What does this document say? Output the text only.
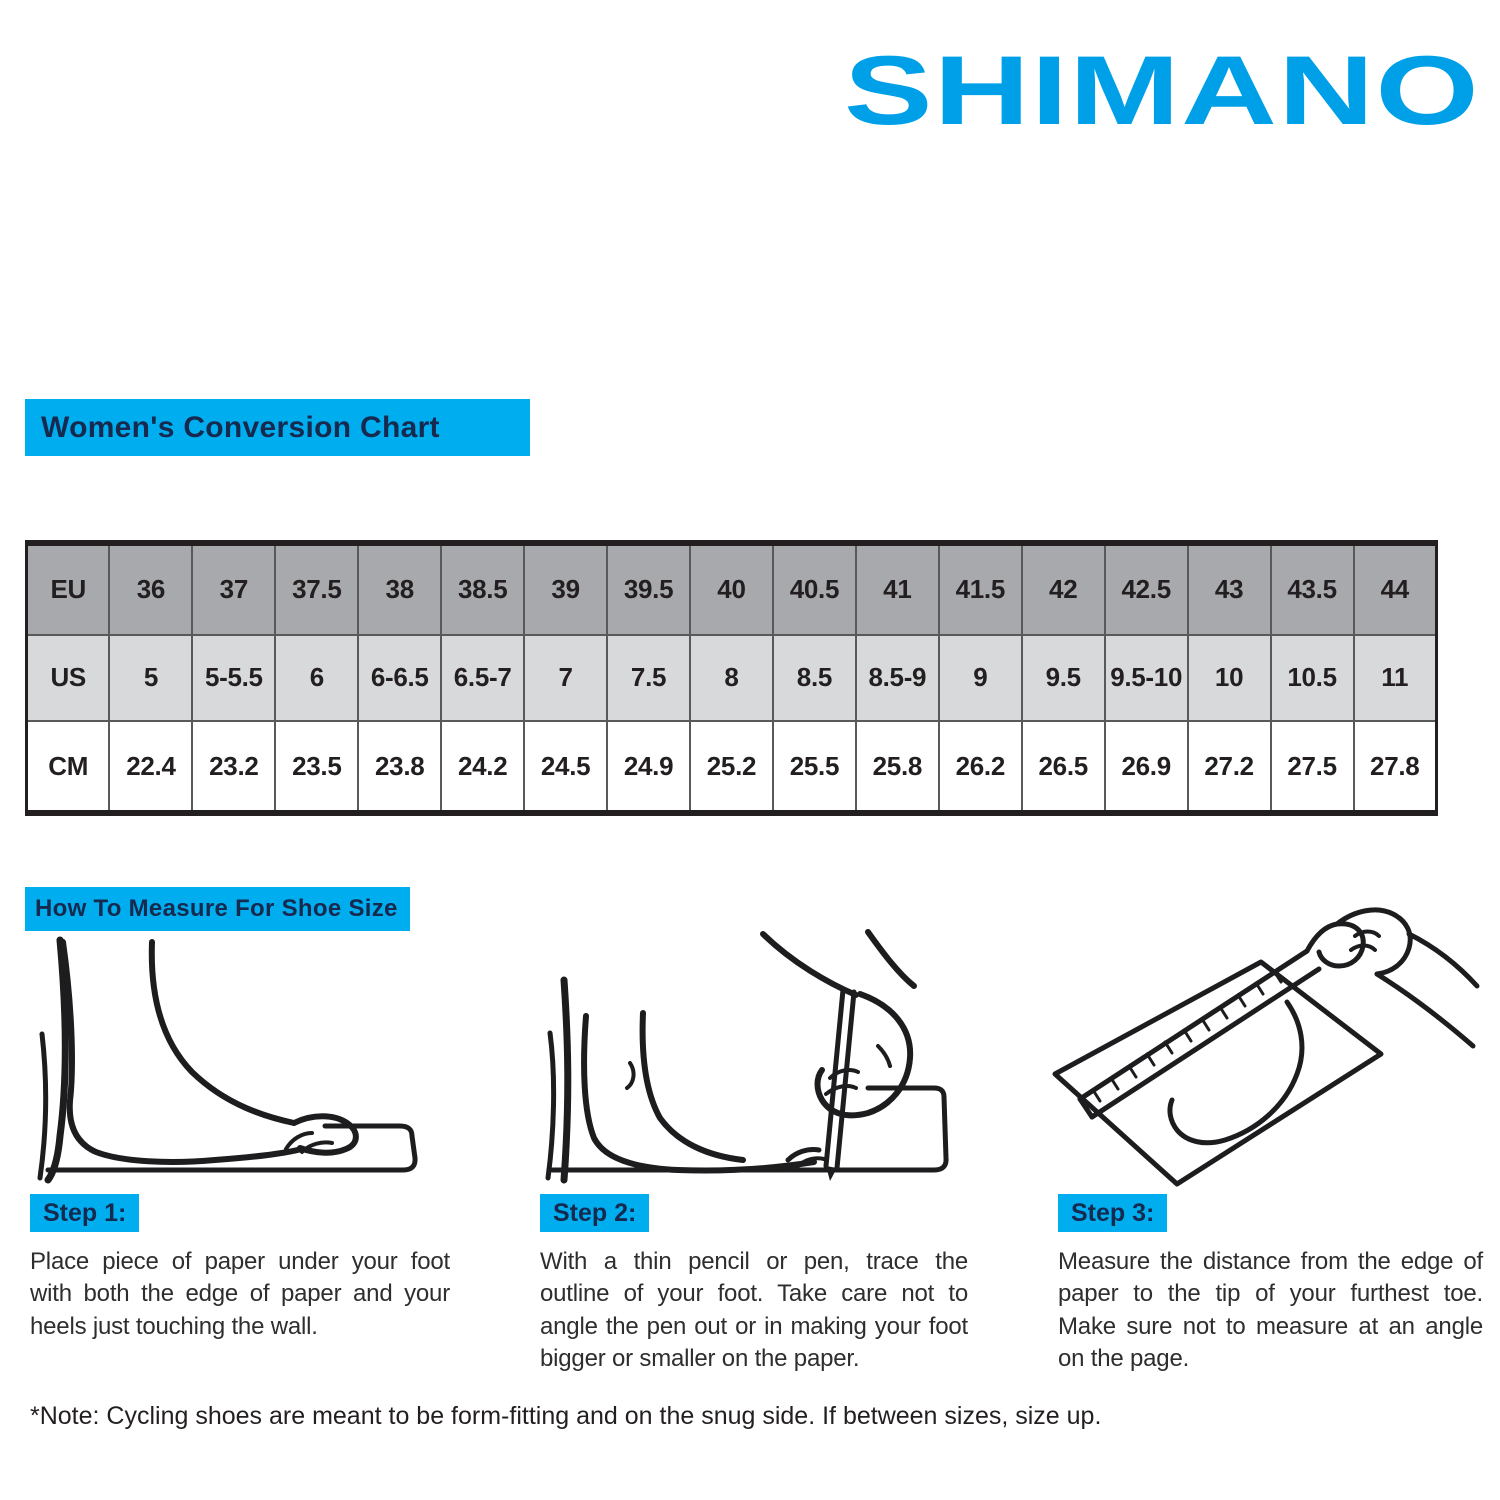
SHIMANO
Women's Conversion Chart
EU	36	37	37.5	38	38.5	39	39.5	40	40.5	41	41.5	42	42.5	43	43.5	44
US	5	5-5.5	6	6-6.5	6.5-7	7	7.5	8	8.5	8.5-9	9	9.5	9.5-10	10	10.5	11
CM	22.4	23.2	23.5	23.8	24.2	24.5	24.9	25.2	25.5	25.8	26.2	26.5	26.9	27.2	27.5	27.8
How To Measure For Shoe Size
Step 1:	Step 2:	Step 3:
Place piece of paper under your foot with both the edge of paper and your heels just touching the wall.
With a thin pencil or pen, trace the outline of your foot. Take care not to angle the pen out or in making your foot bigger or smaller on the paper.
Measure the distance from the edge of paper to the tip of your furthest toe. Make sure not to measure at an angle on the page.
*Note: Cycling shoes are meant to be form-fitting and on the snug side. If between sizes, size up.
